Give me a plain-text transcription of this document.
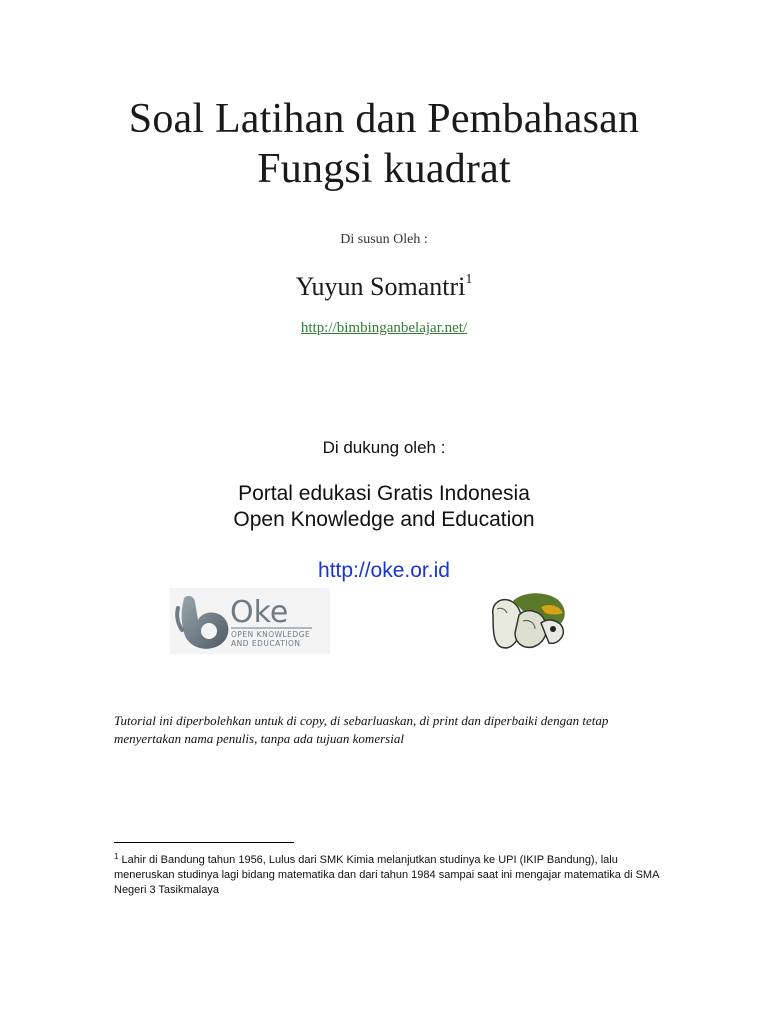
Soal Latihan dan Pembahasan
Fungsi kuadrat
Di susun Oleh :
Yuyun Somantri$^1$
http://bimbinganbelajar.net/
Di dukung oleh :
Portal edukasi Gratis Indonesia
Open Knowledge and Education
http://oke.or.id
Oke
OPEN KNOWLEDGE
AND EDUCATION
Tutorial ini diperbolehkan untuk di copy, di sebarluaskan, di print dan diperbaiki dengan tetap menyertakan nama penulis, tanpa ada tujuan komersial
$^1$ Lahir di Bandung tahun 1956, Lulus dari SMK Kimia melanjutkan studinya ke UPI (IKIP Bandung), lalu meneruskan studinya lagi bidang matematika dan dari tahun 1984 sampai saat ini mengajar matematika di SMA Negeri 3 Tasikmalaya
